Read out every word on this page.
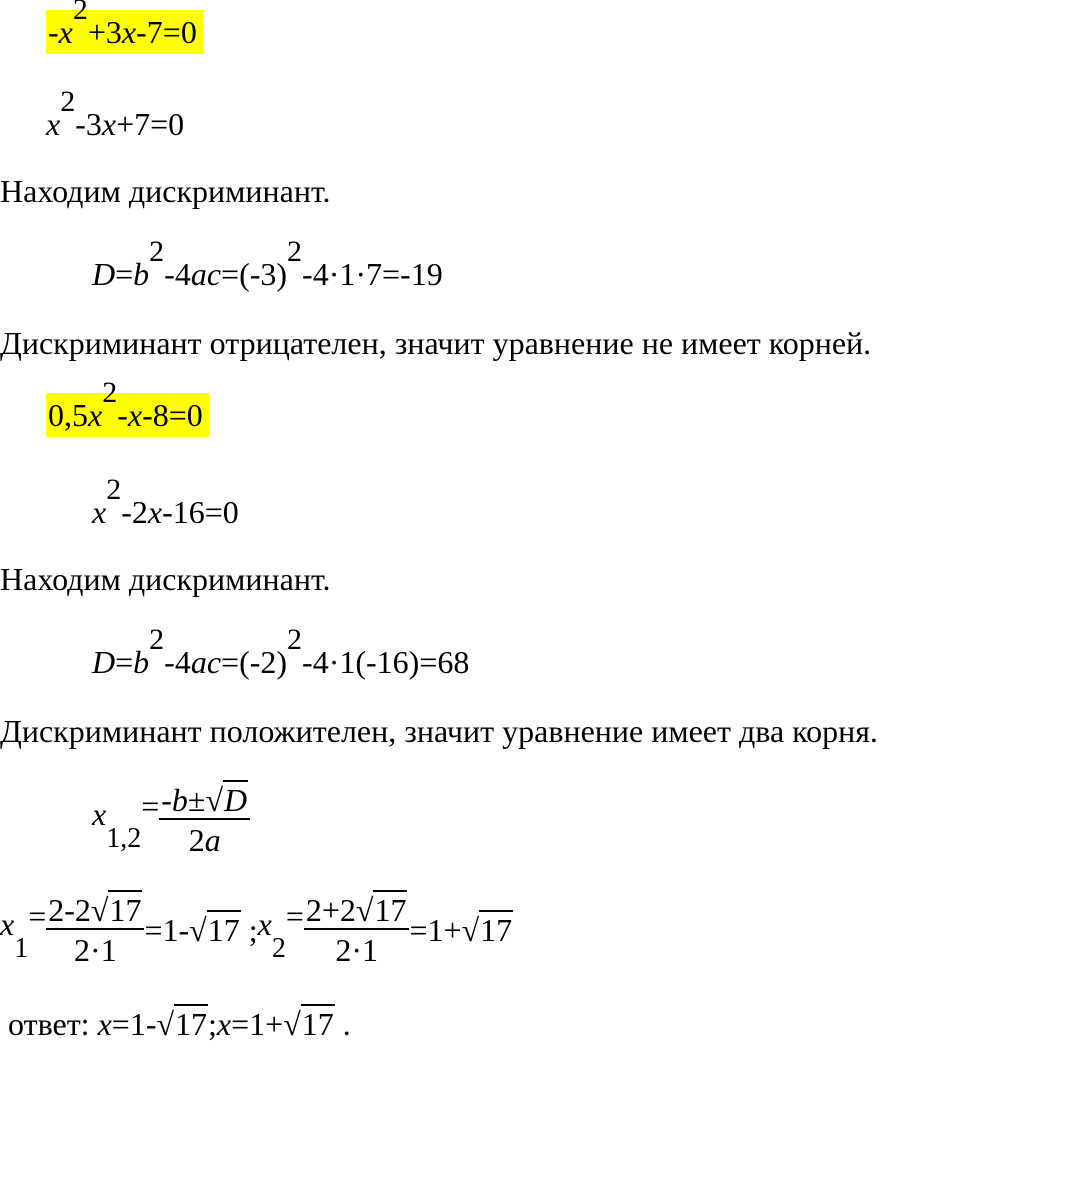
$-x^2+3x-7=0$
$x^2-3x+7=0$
Находим дискриминант.
$D=b^2-4ac=(-3)^2-4\cdot 1\cdot 7=-19$
Дискриминант отрицателен, значит уравнение не имеет корней.
$0,5x^2-x-8=0$
$x^2-2x-16=0$
Находим дискриминант.
$D=b^2-4ac=(-2)^2-4\cdot 1(-16)=68$
Дискриминант положителен, значит уравнение имеет два корня.
$x_{1,2}= \frac{-b\pm√D}{2a}$
$x_1= \frac{2-2√17}{2\cdot 1} =1-√17$ $;x_2= \frac{2+2√17}{2\cdot 1} =1+√17$
ответ: x=1-√17;x=1+√17 .
